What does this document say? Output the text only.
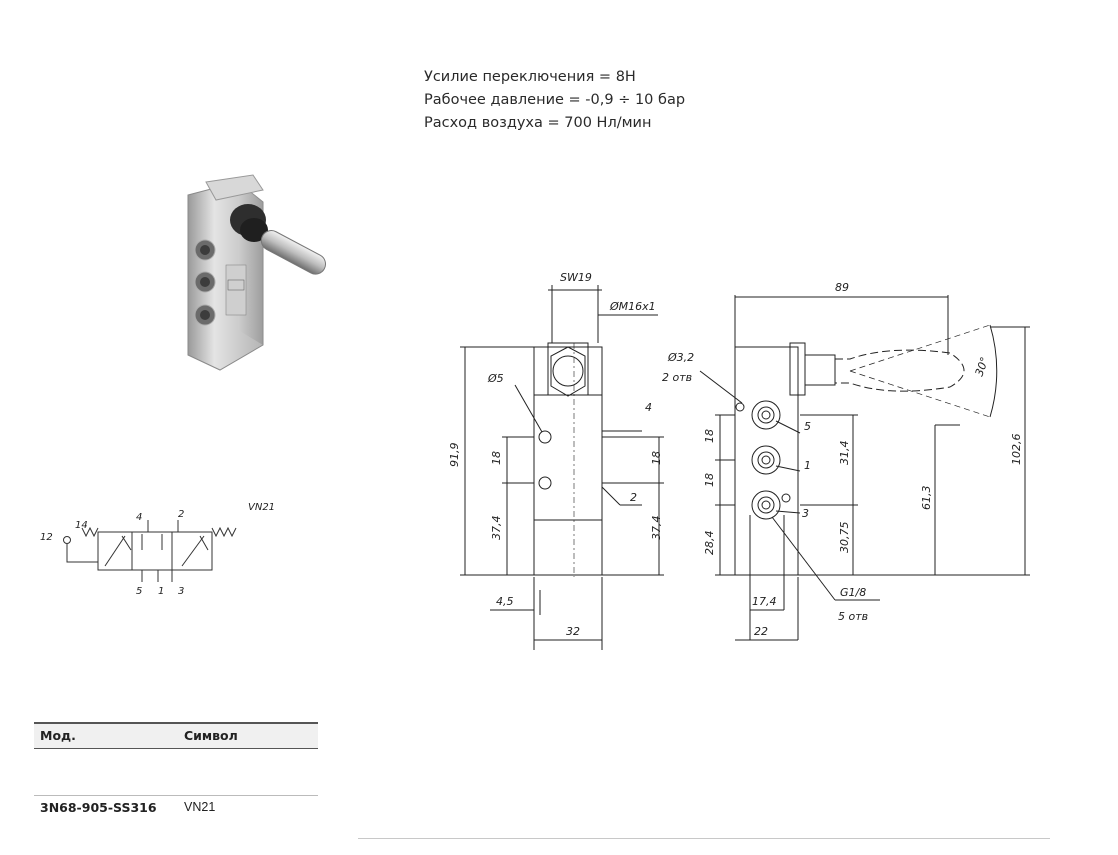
Усилие переключения = 8Н
Рабочее давление = -0,9 ÷ 10 бар
Расход воздуха = 700 Нл/мин
12
14
4	2
5 1 3
VN21
SW19
ØM16x1
Ø5
91,9	18
37,4
18
37,4
4
2
4,5
32
89
Ø3,2
2 отв
18
18
28,4
31,4
30,75
61,3
102,6
30°
5
1
3
17,4
22
G1/8
5 отв
Мод.	Символ
3N68-905-SS316 VN21
